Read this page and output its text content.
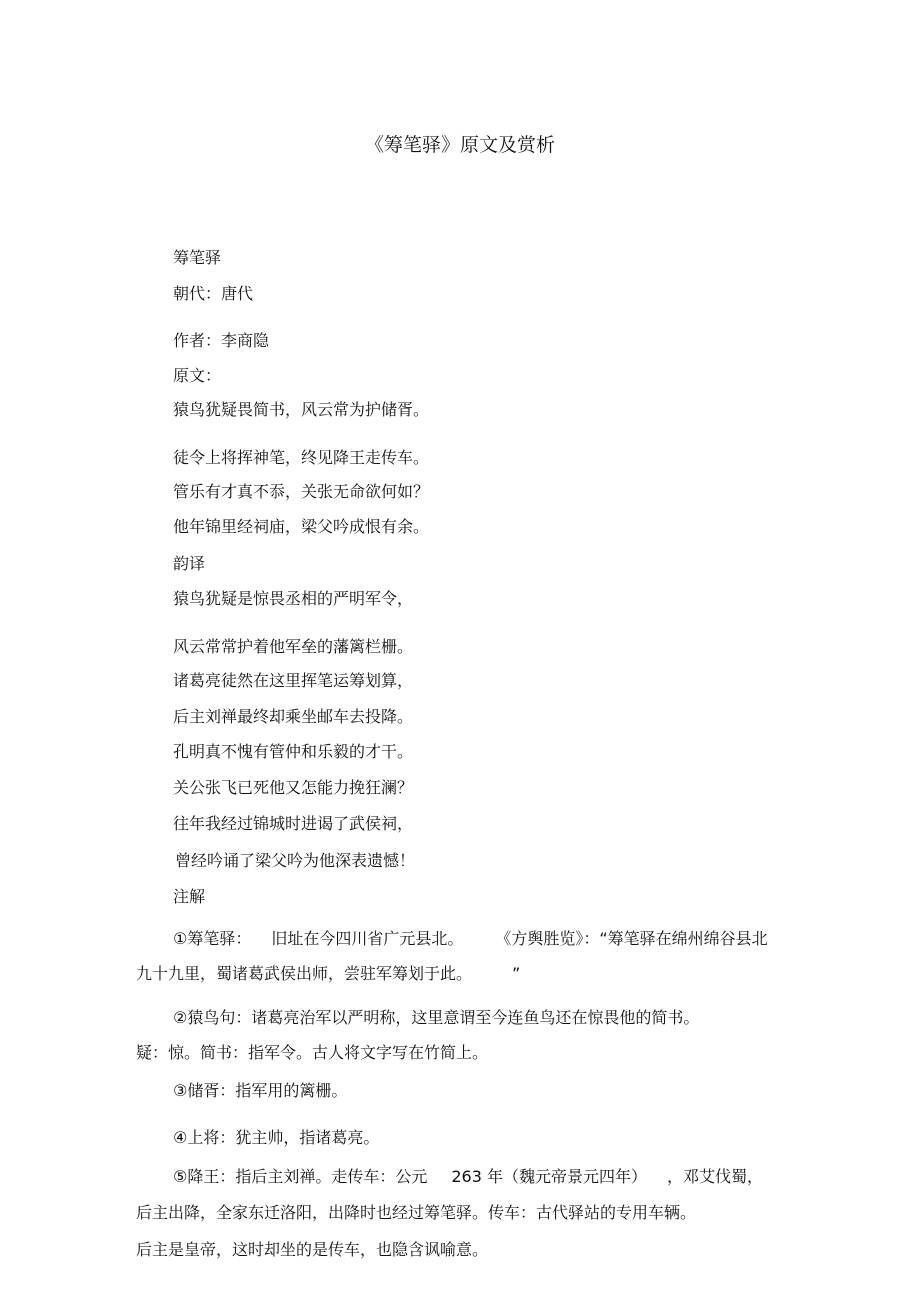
《筹笔驿》原文及赏析
筹笔驿
朝代：唐代
作者：李商隐
原文：
猿鸟犹疑畏简书，风云常为护储胥。
徒令上将挥神笔，终见降王走传车。
管乐有才真不忝，关张无命欲何如？
他年锦里经祠庙，梁父吟成恨有余。
韵译
猿鸟犹疑是惊畏丞相的严明军令，
风云常常护着他军垒的藩篱栏栅。
诸葛亮徒然在这里挥笔运筹划算，
后主刘禅最终却乘坐邮车去投降。
孔明真不愧有管仲和乐毅的才干。
关公张飞已死他又怎能力挽狂澜？
往年我经过锦城时进谒了武侯祠，
曾经吟诵了梁父吟为他深表遗憾！
注解
①筹笔驿： 旧址在今四川省广元县北。 《方舆胜览》：“筹笔驿在绵州绵谷县北
九十九里，蜀诸葛武侯出师，尝驻军筹划于此。	”
②猿鸟句：诸葛亮治军以严明称，这里意谓至今连鱼鸟还在惊畏他的简书。
疑：惊。简书：指军令。古人将文字写在竹简上。
③储胥：指军用的篱栅。
④上将：犹主帅，指诸葛亮。
⑤降王：指后主刘禅。走传车：公元 263 年（魏元帝景元四年） ，邓艾伐蜀，
后主出降，全家东迁洛阳，出降时也经过筹笔驿。传车：古代驿站的专用车辆。
后主是皇帝，这时却坐的是传车，也隐含讽喻意。
